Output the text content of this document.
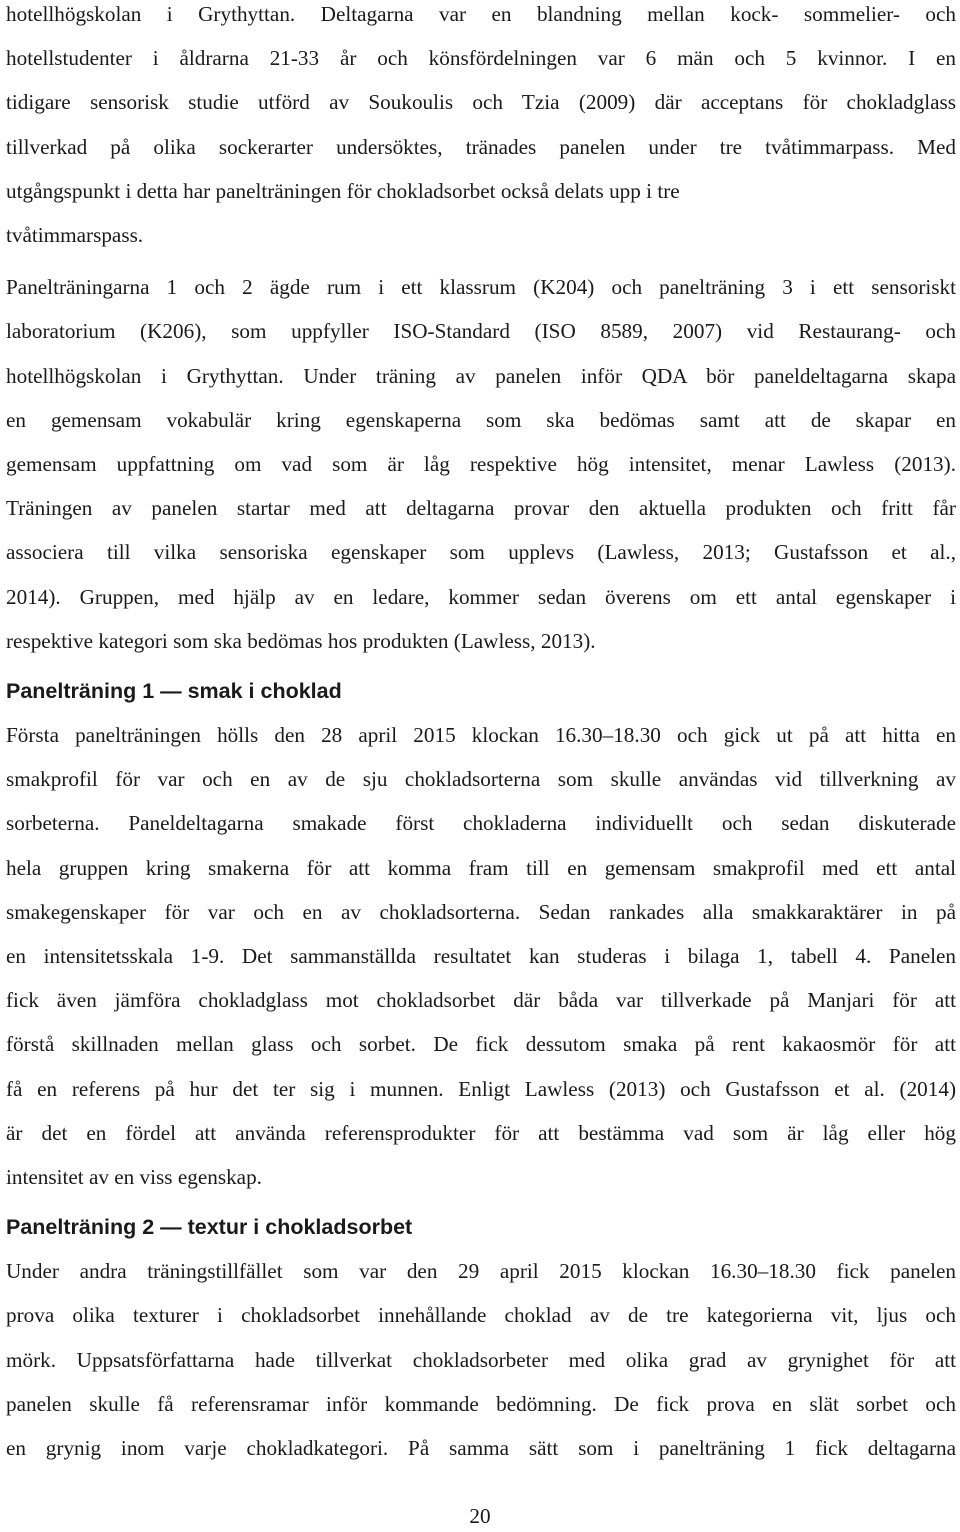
hotellhögskolan i Grythyttan. Deltagarna var en blandning mellan kock- sommelier- och
hotellstudenter i åldrarna 21-33 år och könsfördelningen var 6 män och 5 kvinnor. I en
tidigare sensorisk studie utförd av Soukoulis och Tzia (2009) där acceptans för chokladglass
tillverkad på olika sockerarter undersöktes, tränades panelen under tre tvåtimmarpass. Med
utgångspunkt i detta har panelträningen för chokladsorbet också delats upp i tre
tvåtimmarspass.
Panelträningarna 1 och 2 ägde rum i ett klassrum (K204) och panelträning 3 i ett sensoriskt
laboratorium (K206), som uppfyller ISO-Standard (ISO 8589, 2007) vid Restaurang- och
hotellhögskolan i Grythyttan. Under träning av panelen inför QDA bör paneldeltagarna skapa
en gemensam vokabulär kring egenskaperna som ska bedömas samt att de skapar en
gemensam uppfattning om vad som är låg respektive hög intensitet, menar Lawless (2013).
Träningen av panelen startar med att deltagarna provar den aktuella produkten och fritt får
associera till vilka sensoriska egenskaper som upplevs (Lawless, 2013; Gustafsson et al.,
2014). Gruppen, med hjälp av en ledare, kommer sedan överens om ett antal egenskaper i
respektive kategori som ska bedömas hos produkten (Lawless, 2013).
Panelträning 1 — smak i choklad
Första panelträningen hölls den 28 april 2015 klockan 16.30–18.30 och gick ut på att hitta en
smakprofil för var och en av de sju chokladsorterna som skulle användas vid tillverkning av
sorbeterna. Paneldeltagarna smakade först chokladerna individuellt och sedan diskuterade
hela gruppen kring smakerna för att komma fram till en gemensam smakprofil med ett antal
smakegenskaper för var och en av chokladsorterna. Sedan rankades alla smakkaraktärer in på
en intensitetsskala 1-9. Det sammanställda resultatet kan studeras i bilaga 1, tabell 4. Panelen
fick även jämföra chokladglass mot chokladsorbet där båda var tillverkade på Manjari för att
förstå skillnaden mellan glass och sorbet. De fick dessutom smaka på rent kakaosmör för att
få en referens på hur det ter sig i munnen. Enligt Lawless (2013) och Gustafsson et al. (2014)
är det en fördel att använda referensprodukter för att bestämma vad som är låg eller hög
intensitet av en viss egenskap.
Panelträning 2 — textur i chokladsorbet
Under andra träningstillfället som var den 29 april 2015 klockan 16.30–18.30 fick panelen
prova olika texturer i chokladsorbet innehållande choklad av de tre kategorierna vit, ljus och
mörk. Uppsatsförfattarna hade tillverkat chokladsorbeter med olika grad av grynighet för att
panelen skulle få referensramar inför kommande bedömning. De fick prova en slät sorbet och
en grynig inom varje chokladkategori. På samma sätt som i panelträning 1 fick deltagarna

20
